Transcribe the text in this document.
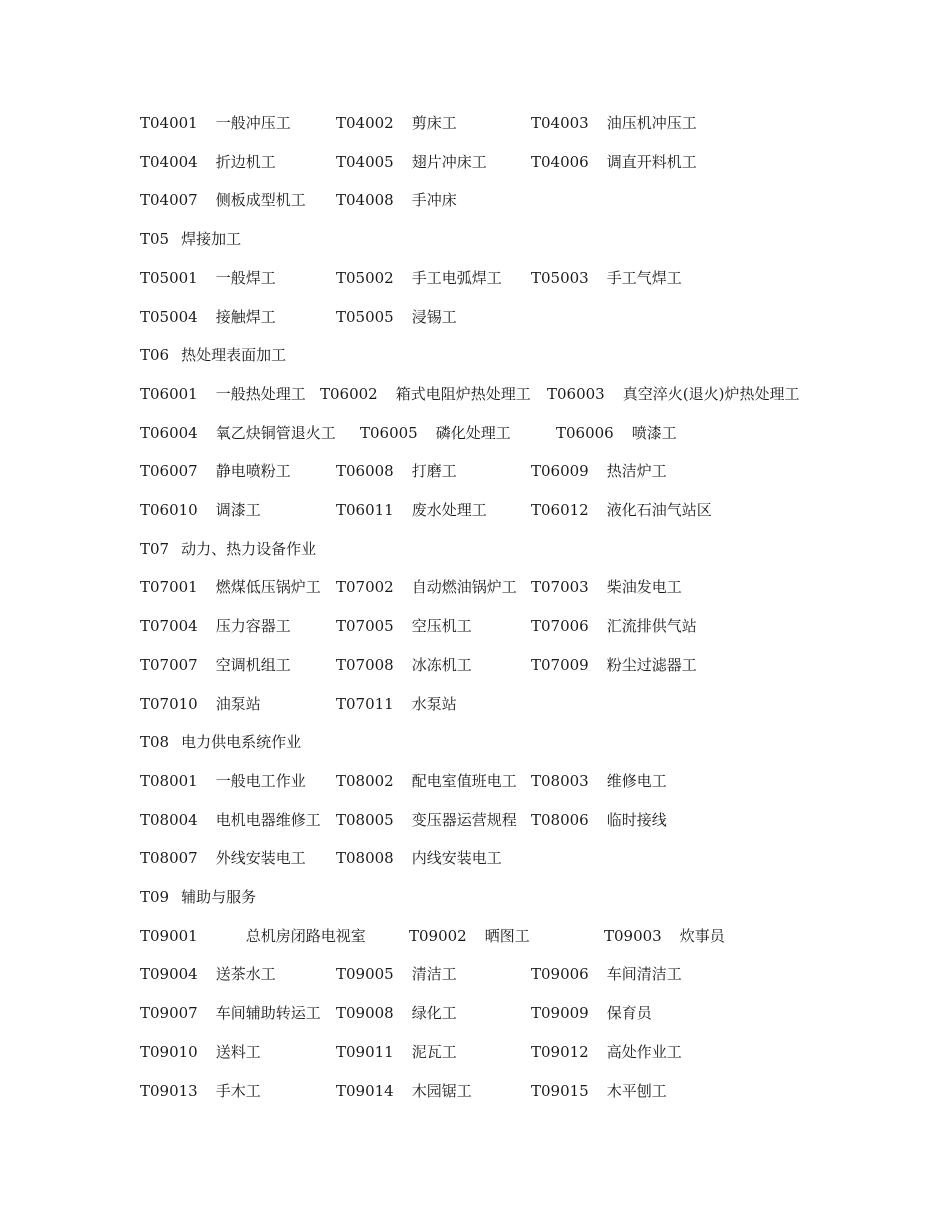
T04001 一般冲压工	T04002 剪床工	T04003 油压机冲压工
T04004 折边机工	T04005 翅片冲床工	T04006 调直开料机工
T04007 侧板成型机工 T04008 手冲床
T05 焊接加工
T05001 一般焊工	T05002 手工电弧焊工 T05003 手工气焊工
T05004 接触焊工	T05005 浸锡工
T06 热处理表面加工
T06001 一般热处理工 T06002 箱式电阻炉热处理工 T06003 真空淬火(退火)炉热处理工
T06004 氧乙炔铜管退火工 T06005 磷化处理工	T06006 喷漆工
T06007 静电喷粉工	T06008 打磨工	T06009 热洁炉工
T06010 调漆工	T06011 废水处理工	T06012 液化石油气站区
T07 动力、热力设备作业
T07001 燃煤低压锅炉工 T07002 自动燃油锅炉工 T07003 柴油发电工
T07004 压力容器工	T07005 空压机工	T07006 汇流排供气站
T07007 空调机组工	T07008 冰冻机工	T07009 粉尘过滤器工
T07010 油泵站	T07011 水泵站
T08 电力供电系统作业
T08001 一般电工作业 T08002 配电室值班电工 T08003 维修电工
T08004 电机电器维修工 T08005 变压器运营规程 T08006 临时接线
T08007 外线安装电工 T08008 内线安装电工
T09 辅助与服务
T09001	总机房闭路电视室	T09002 晒图工	T09003 炊事员
T09004 送茶水工	T09005 清洁工	T09006 车间清洁工
T09007 车间辅助转运工 T09008 绿化工	T09009 保育员
T09010 送料工	T09011 泥瓦工	T09012 高处作业工
T09013 手木工	T09014 木园锯工	T09015 木平刨工
